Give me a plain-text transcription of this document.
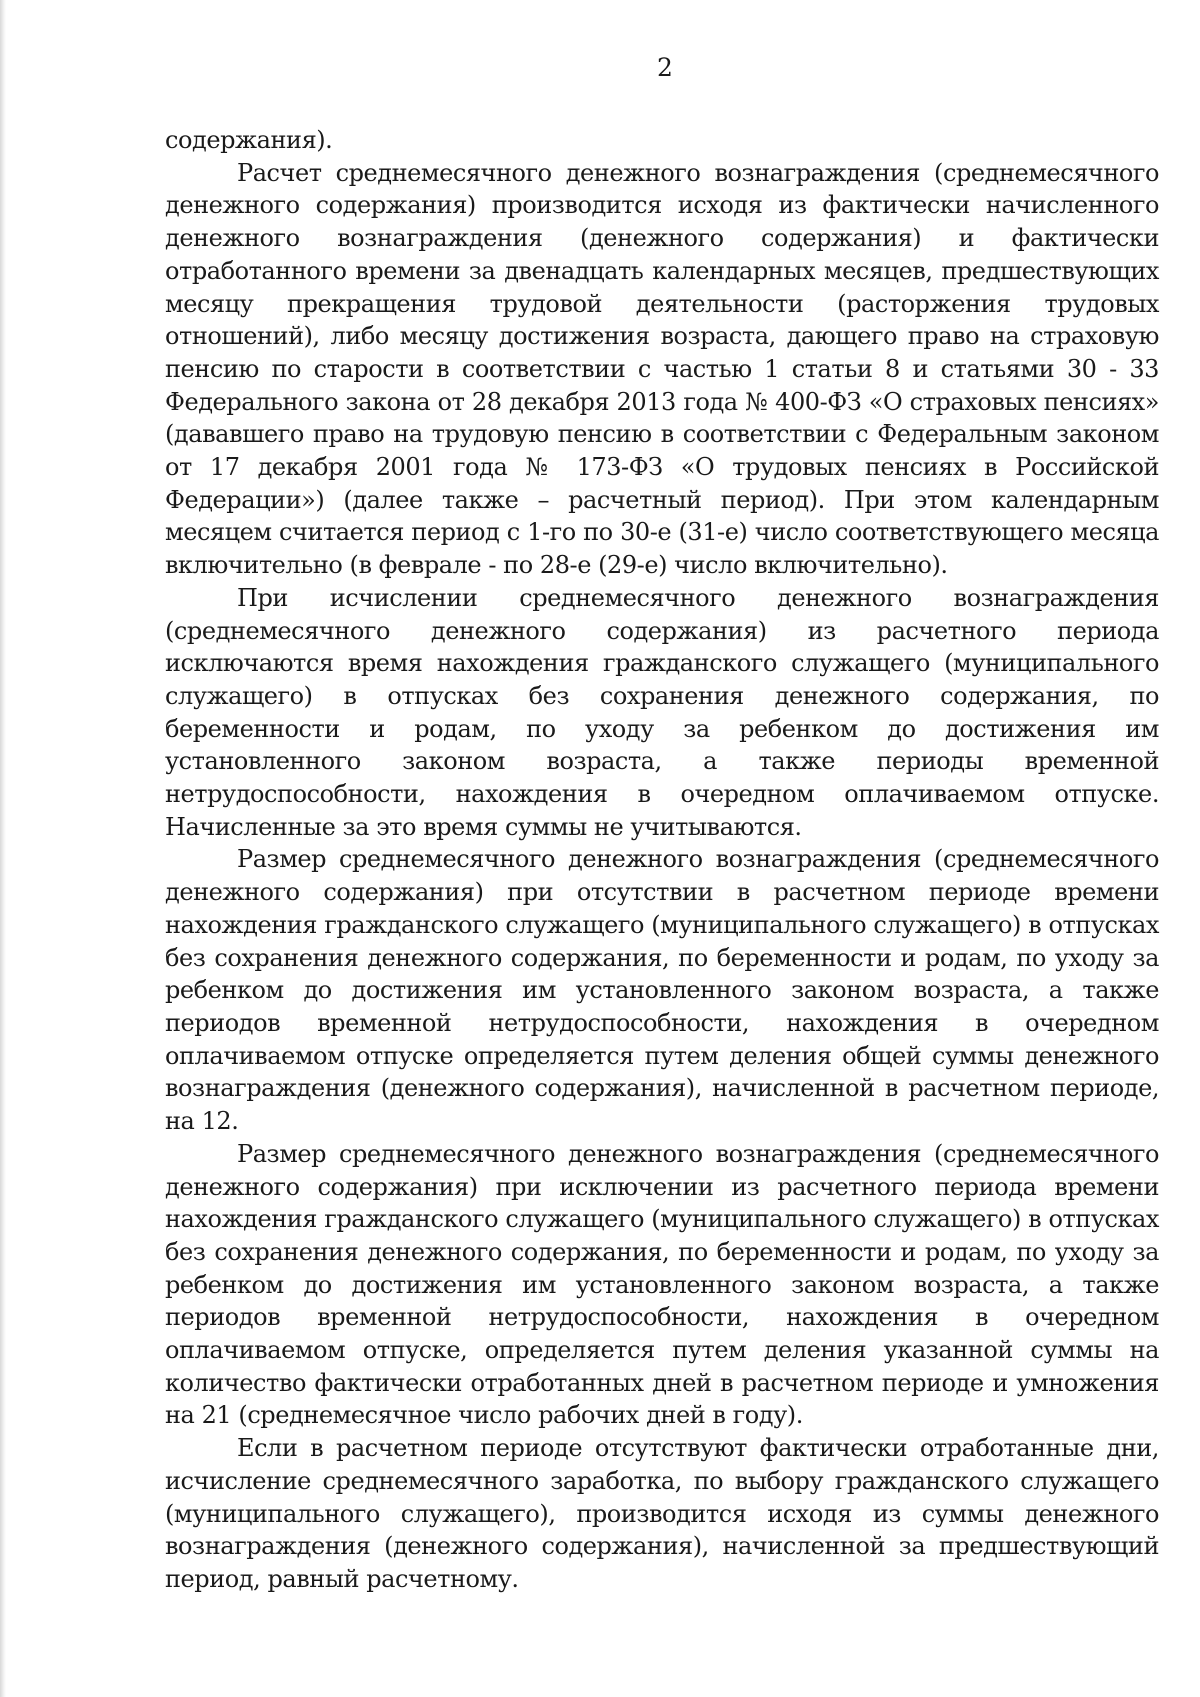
2

содержания).

Расчет среднемесячного денежного вознаграждения (среднемесячного денежного содержания) производится исходя из фактически начисленного денежного вознаграждения (денежного содержания) и фактически отработанного времени за двенадцать календарных месяцев, предшествующих месяцу прекращения трудовой деятельности (расторжения трудовых отношений), либо месяцу достижения возраста, дающего право на страховую пенсию по старости в соответствии с частью 1 статьи 8 и статьями 30 - 33 Федерального закона от 28 декабря 2013 года № 400-ФЗ «О страховых пенсиях» (дававшего право на трудовую пенсию в соответствии с Федеральным законом от 17 декабря 2001 года № 173-ФЗ «О трудовых пенсиях в Российской Федерации») (далее также – расчетный период). При этом календарным месяцем считается период с 1-го по 30-е (31-е) число соответствующего месяца включительно (в феврале - по 28-е (29-е) число включительно).

При исчислении среднемесячного денежного вознаграждения (среднемесячного денежного содержания) из расчетного периода исключаются время нахождения гражданского служащего (муниципального служащего) в отпусках без сохранения денежного содержания, по беременности и родам, по уходу за ребенком до достижения им установленного законом возраста, а также периоды временной нетрудоспособности, нахождения в очередном оплачиваемом отпуске. Начисленные за это время суммы не учитываются.

Размер среднемесячного денежного вознаграждения (среднемесячного денежного содержания) при отсутствии в расчетном периоде времени нахождения гражданского служащего (муниципального служащего) в отпусках без сохранения денежного содержания, по беременности и родам, по уходу за ребенком до достижения им установленного законом возраста, а также периодов временной нетрудоспособности, нахождения в очередном оплачиваемом отпуске определяется путем деления общей суммы денежного вознаграждения (денежного содержания), начисленной в расчетном периоде, на 12.

Размер среднемесячного денежного вознаграждения (среднемесячного денежного содержания) при исключении из расчетного периода времени нахождения гражданского служащего (муниципального служащего) в отпусках без сохранения денежного содержания, по беременности и родам, по уходу за ребенком до достижения им установленного законом возраста, а также периодов временной нетрудоспособности, нахождения в очередном оплачиваемом отпуске, определяется путем деления указанной суммы на количество фактически отработанных дней в расчетном периоде и умножения на 21 (среднемесячное число рабочих дней в году).

Если в расчетном периоде отсутствуют фактически отработанные дни, исчисление среднемесячного заработка, по выбору гражданского служащего (муниципального служащего), производится исходя из суммы денежного вознаграждения (денежного содержания), начисленной за предшествующий период, равный расчетному.
